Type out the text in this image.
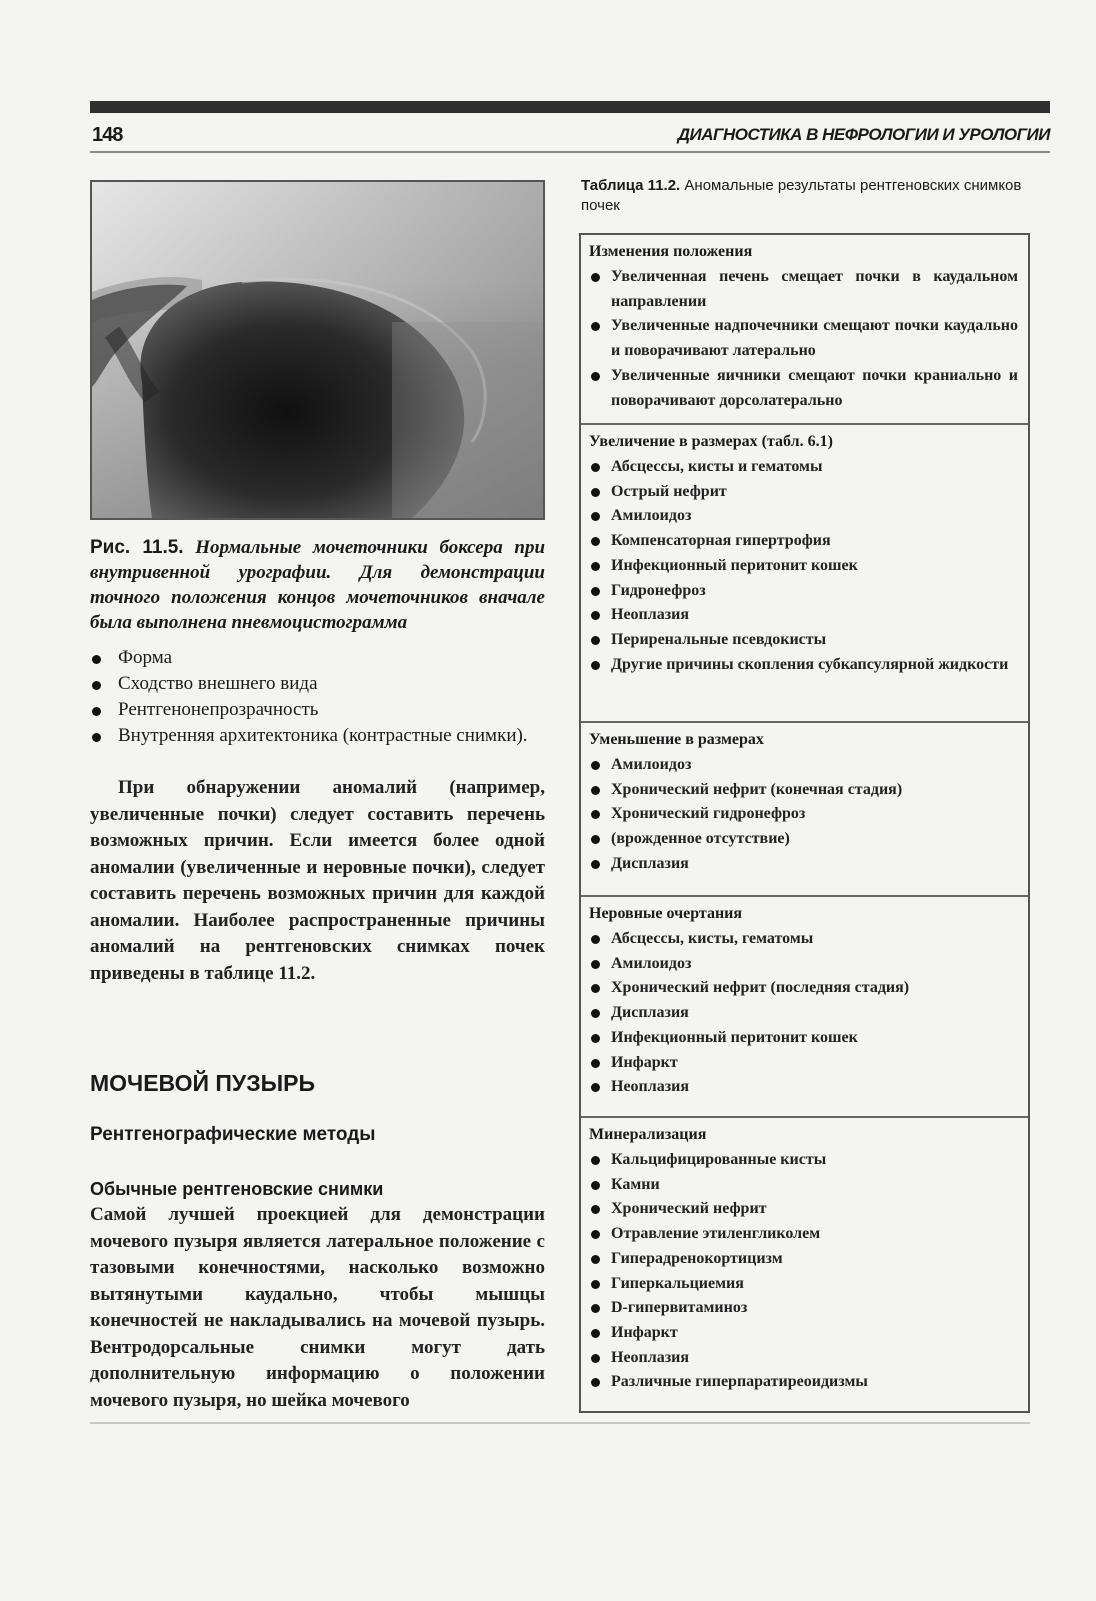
148	ДИАГНОСТИКА В НЕФРОЛОГИИ И УРОЛОГИИ
Рис. 11.5. Нормальные мочеточники боксера при внутривенной урографии. Для демонстрации точного положения концов мочеточников вначале была выполнена пневмоцистограмма
Форма
Сходство внешнего вида
Рентгенонепрозрачность
Внутренняя архитектоника (контрастные снимки).

При обнаружении аномалий (например, увеличенные почки) следует составить перечень возможных причин. Если имеется более одной аномалии (увеличенные и неровные почки), следует составить перечень возможных причин для каждой аномалии. Наиболее распространенные причины аномалий на рентгеновских снимках почек приведены в таблице 11.2.

МОЧЕВОЙ ПУЗЫРЬ
Рентгенографические методы
Обычные рентгеновские снимки

Самой лучшей проекцией для демонстрации мочевого пузыря является латеральное положение с тазовыми конечностями, насколько возможно вытянутыми каудально, чтобы мышцы конечностей не накладывались на мочевой пузырь. Вентродорсальные снимки могут дать дополнительную информацию о положении мочевого пузыря, но шейка мочевого

Таблица 11.2. Аномальные результаты рентгеновских снимков почек
Изменения положения
Увеличенная печень смещает почки в каудальном направлении
Увеличенные надпочечники смещают почки каудально и поворачивают латерально
Увеличенные яичники смещают почки краниально и поворачивают дорсолатерально
Увеличение в размерах (табл. 6.1)
Абсцессы, кисты и гематомы
Острый нефрит
Амилоидоз
Компенсаторная гипертрофия
Инфекционный перитонит кошек
Гидронефроз
Неоплазия
Периренальные псевдокисты
Другие причины скопления субкапсулярной жидкости
Уменьшение в размерах
Амилоидоз
Хронический нефрит (конечная стадия)
Хронический гидронефроз
(врожденное отсутствие)
Дисплазия
Неровные очертания
Абсцессы, кисты, гематомы
Амилоидоз
Хронический нефрит (последняя стадия)
Дисплазия
Инфекционный перитонит кошек
Инфаркт
Неоплазия
Минерализация
Кальцифицированные кисты
Камни
Хронический нефрит
Отравление этиленгликолем
Гиперадренокортицизм
Гиперкальциемия
D-гипервитаминоз
Инфаркт
Неоплазия
Различные гиперпаратиреоидизмы
